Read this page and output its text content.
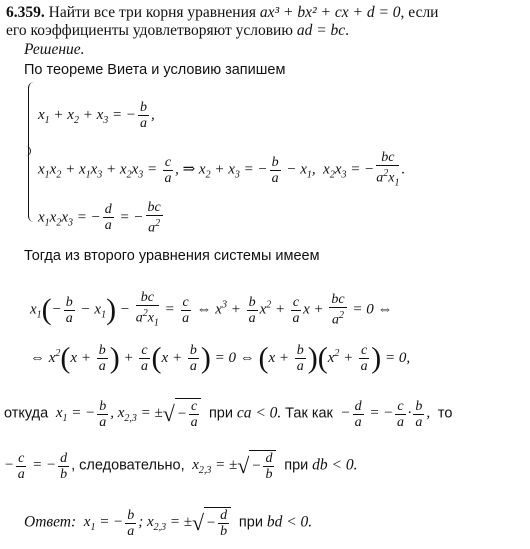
6.359. Найти все три корня уравнения ax³ + bx² + cx + d = 0, если
его коэффициенты удовлетворяют условию ad = bc.
Решение.
По теореме Виета и условию запишем
$x_1 + x_2 + x_3$ = − $\frac{b}{a}$ ,
$x_1x_2 + x_1x_3 + x_2x_3 = \frac{c}{a}$ , ⇒ $x_2 + x_3$ = − $\frac{b}{a} - x_1$,  $x_2x_3$ = − $\frac{bc}{a^2x_1}$ .
$x_1x_2x_3$ = − $\frac{d}{a}$ = − $\frac{bc}{a^2}$
Тогда из второго уравнения системы имеем
$x_1(- \frac{b}{a} - x_1) - \frac{bc}{a^2x_1} = \frac{c}{a}$ ⇔ $x^3 + \frac{b}{a} x^2 + \frac{c}{a}$ $x + \frac{bc}{a^2} = 0$ ⇔
⇔ $x^2(x + \frac{b}{a}$ ) + $\frac{c}{a} (x + \frac{b}{a}$ ) = 0 ⇔ $(x + \frac{b}{a} )(x^2 + \frac{c}{a}$ ) = 0,
откуда  $x_1$ = − $\frac{b}{a}$ , $x_{2,3}$ = ±√ − $\frac{c}{a}$ при ca < 0. Так как  − $\frac{d}{a}$ = − $\frac{c}{a} \cdot \frac{b}{a}$ , то
− $\frac{c}{a}$ = − $\frac{d}{b}$ , следовательно,  $x_{2,3}$ = ±√ − $\frac{d}{b}$ при db < 0.
Ответ:  $x_1$ = − $\frac{b}{a}$ ; $x_{2,3}$ = ±√ − $\frac{d}{b}$ при bd < 0.
